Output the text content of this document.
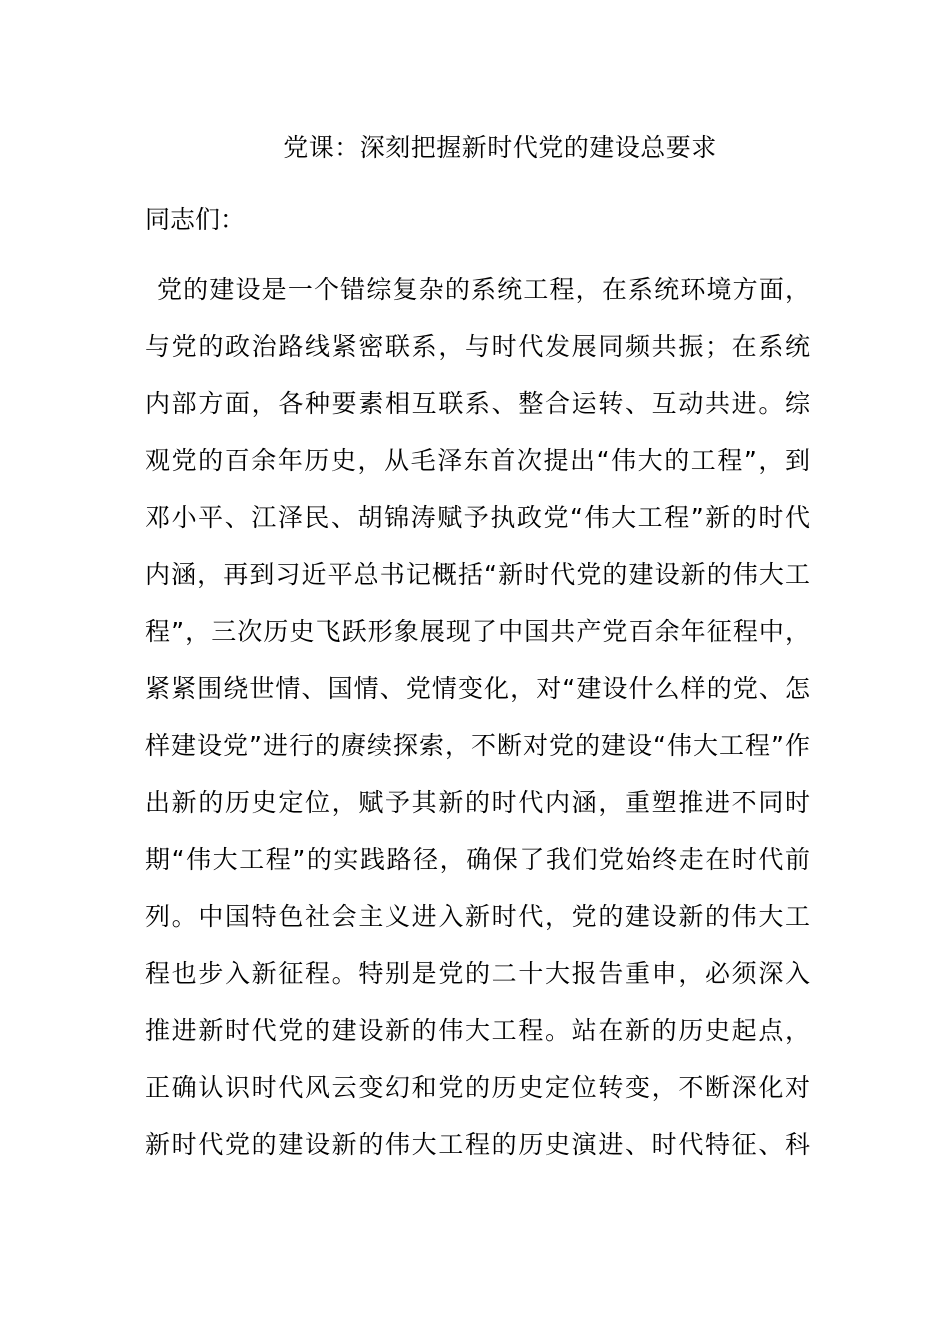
党课：深刻把握新时代党的建设总要求
同志们：
党的建设是一个错综复杂的系统工程，在系统环境方面，
与党的政治路线紧密联系，与时代发展同频共振；在系统
内部方面，各种要素相互联系、整合运转、互动共进。综
观党的百余年历史，从毛泽东首次提出“伟大的工程”，到
邓小平、江泽民、胡锦涛赋予执政党“伟大工程”新的时代
内涵，再到习近平总书记概括“新时代党的建设新的伟大工
程”，三次历史飞跃形象展现了中国共产党百余年征程中，
紧紧围绕世情、国情、党情变化，对“建设什么样的党、怎
样建设党”进行的赓续探索，不断对党的建设“伟大工程”作
出新的历史定位，赋予其新的时代内涵，重塑推进不同时
期“伟大工程”的实践路径，确保了我们党始终走在时代前
列。中国特色社会主义进入新时代，党的建设新的伟大工
程也步入新征程。特别是党的二十大报告重申，必须深入
推进新时代党的建设新的伟大工程。站在新的历史起点，
正确认识时代风云变幻和党的历史定位转变，不断深化对
新时代党的建设新的伟大工程的历史演进、时代特征、科
